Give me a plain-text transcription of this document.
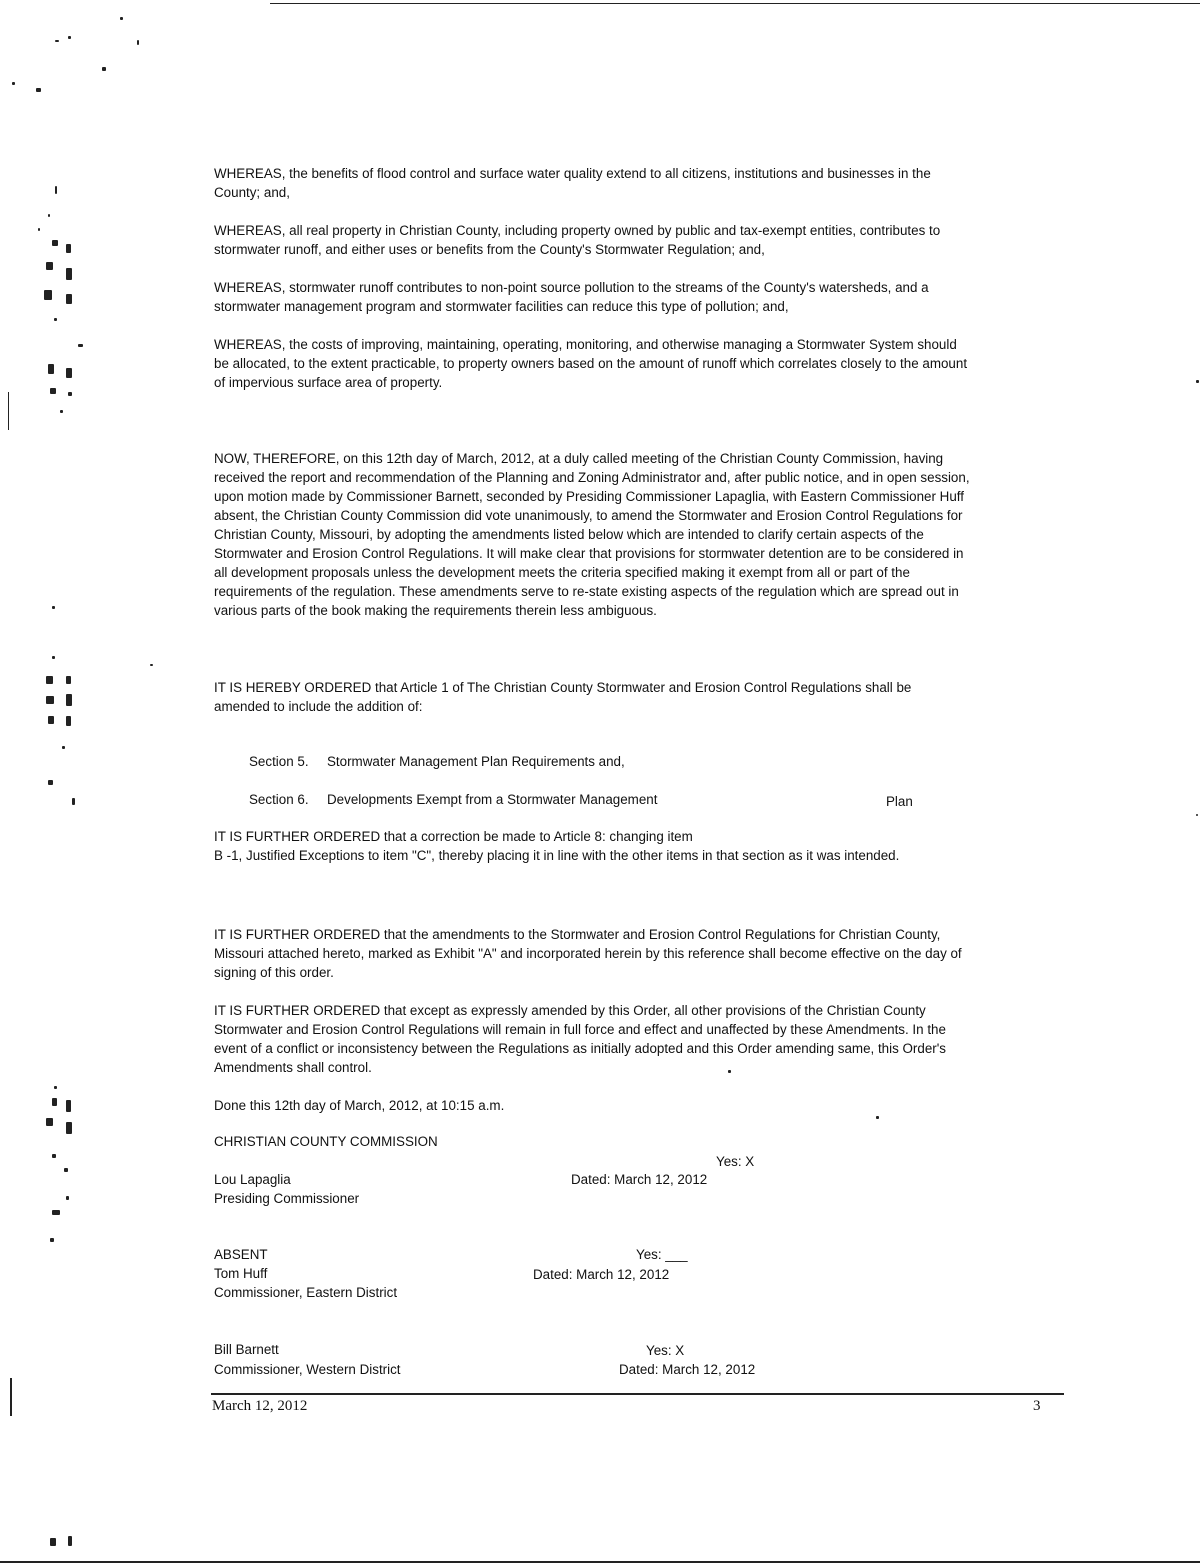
WHEREAS, the benefits of flood control and surface water quality extend to all citizens, institutions and businesses in the County; and,

WHEREAS, all real property in Christian County, including property owned by public and tax-exempt entities, contributes to stormwater runoff, and either uses or benefits from the County's Stormwater Regulation; and,

WHEREAS, stormwater runoff contributes to non-point source pollution to the streams of the County's watersheds, and a stormwater management program and stormwater facilities can reduce this type of pollution; and,

WHEREAS, the costs of improving, maintaining, operating, monitoring, and otherwise managing a Stormwater System should be allocated, to the extent practicable, to property owners based on the amount of runoff which correlates closely to the amount of impervious surface area of property.

NOW, THEREFORE, on this 12th day of March, 2012, at a duly called meeting of the Christian County Commission, having received the report and recommendation of the Planning and Zoning Administrator and, after public notice, and in open session, upon motion made by Commissioner Barnett, seconded by Presiding Commissioner Lapaglia, with Eastern Commissioner Huff absent, the Christian County Commission did vote unanimously, to amend the Stormwater and Erosion Control Regulations for Christian County, Missouri, by adopting the amendments listed below which are intended to clarify certain aspects of the Stormwater and Erosion Control Regulations. It will make clear that provisions for stormwater detention are to be considered in all development proposals unless the development meets the criteria specified making it exempt from all or part of the requirements of the regulation. These amendments serve to re-state existing aspects of the regulation which are spread out in various parts of the book making the requirements therein less ambiguous.

IT IS HEREBY ORDERED that Article 1 of The Christian County Stormwater and Erosion Control Regulations shall be amended to include the addition of:

Section 5. Stormwater Management Plan Requirements and,
Section 6. Developments Exempt from a Stormwater Management	Plan
IT IS FURTHER ORDERED that a correction be made to Article 8: changing item

B -1, Justified Exceptions to item "C", thereby placing it in line with the other items in that section as it was intended.

IT IS FURTHER ORDERED that the amendments to the Stormwater and Erosion Control Regulations for Christian County, Missouri attached hereto, marked as Exhibit "A" and incorporated herein by this reference shall become effective on the day of signing of this order.

IT IS FURTHER ORDERED that except as expressly amended by this Order, all other provisions of the Christian County Stormwater and Erosion Control Regulations will remain in full force and effect and unaffected by these Amendments. In the event of a conflict or inconsistency between the Regulations as initially adopted and this Order amending same, this Order's Amendments shall control.

Done this 12th day of March, 2012, at 10:15 a.m.
CHRISTIAN COUNTY COMMISSION
Yes: X
Lou Lapaglia	Dated: March 12, 2012
Presiding Commissioner
ABSENT	Yes: ___
Tom Huff	Dated: March 12, 2012
Commissioner, Eastern District
Bill Barnett	Yes: X
Commissioner, Western District	Dated: March 12, 2012
March 12, 2012	3
